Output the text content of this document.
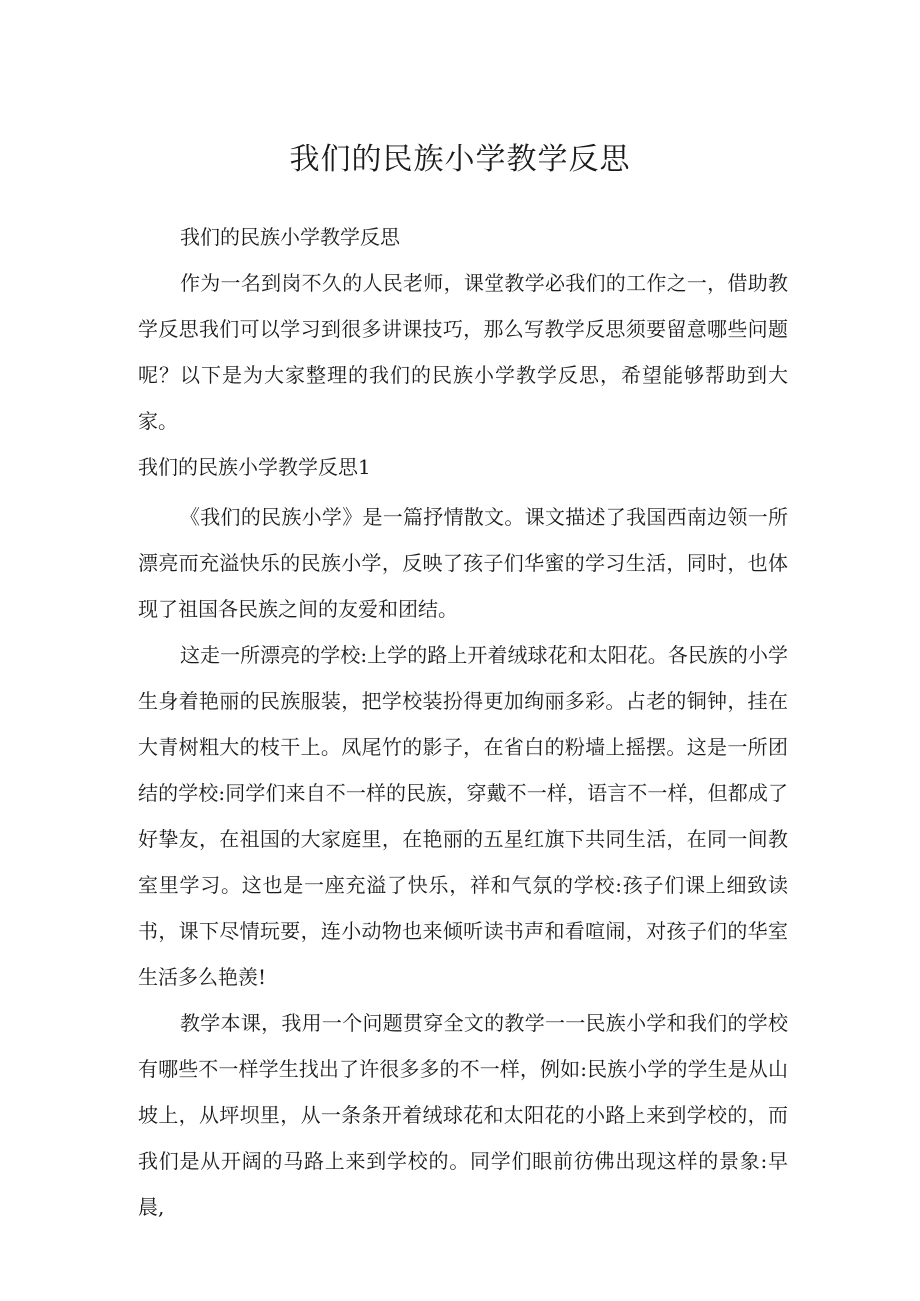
我们的民族小学教学反思

我们的民族小学教学反思

作为一名到岗不久的人民老师，课堂教学必我们的工作之一，借助教学反思我们可以学习到很多讲课技巧，那么写教学反思须要留意哪些问题呢？以下是为大家整理的我们的民族小学教学反思，希望能够帮助到大家。

我们的民族小学教学反思1

《我们的民族小学》是一篇抒情散文。课文描述了我国西南边领一所漂亮而充溢快乐的民族小学，反映了孩子们华蜜的学习生活，同时，也体现了祖国各民族之间的友爱和团结。

这走一所漂亮的学校:上学的路上开着绒球花和太阳花。各民族的小学生身着艳丽的民族服装，把学校装扮得更加绚丽多彩。占老的铜钟，挂在大青树粗大的枝干上。凤尾竹的影子，在省白的粉墙上摇摆。这是一所团结的学校:同学们来自不一样的民族，穿戴不一样，语言不一样，但都成了好挚友，在祖国的大家庭里，在艳丽的五星红旗下共同生活，在同一间教室里学习。这也是一座充溢了快乐，祥和气氛的学校:孩子们课上细致读书，课下尽情玩要，连小动物也来倾听读书声和看喧闹，对孩子们的华室生活多么艳羡!

教学本课，我用一个问题贯穿全文的教学一一民族小学和我们的学校有哪些不一样学生找出了许很多多的不一样，例如:民族小学的学生是从山坡上，从坪坝里，从一条条开着绒球花和太阳花的小路上来到学校的，而我们是从开阔的马路上来到学校的。同学们眼前彷佛出现这样的景象:早晨,
